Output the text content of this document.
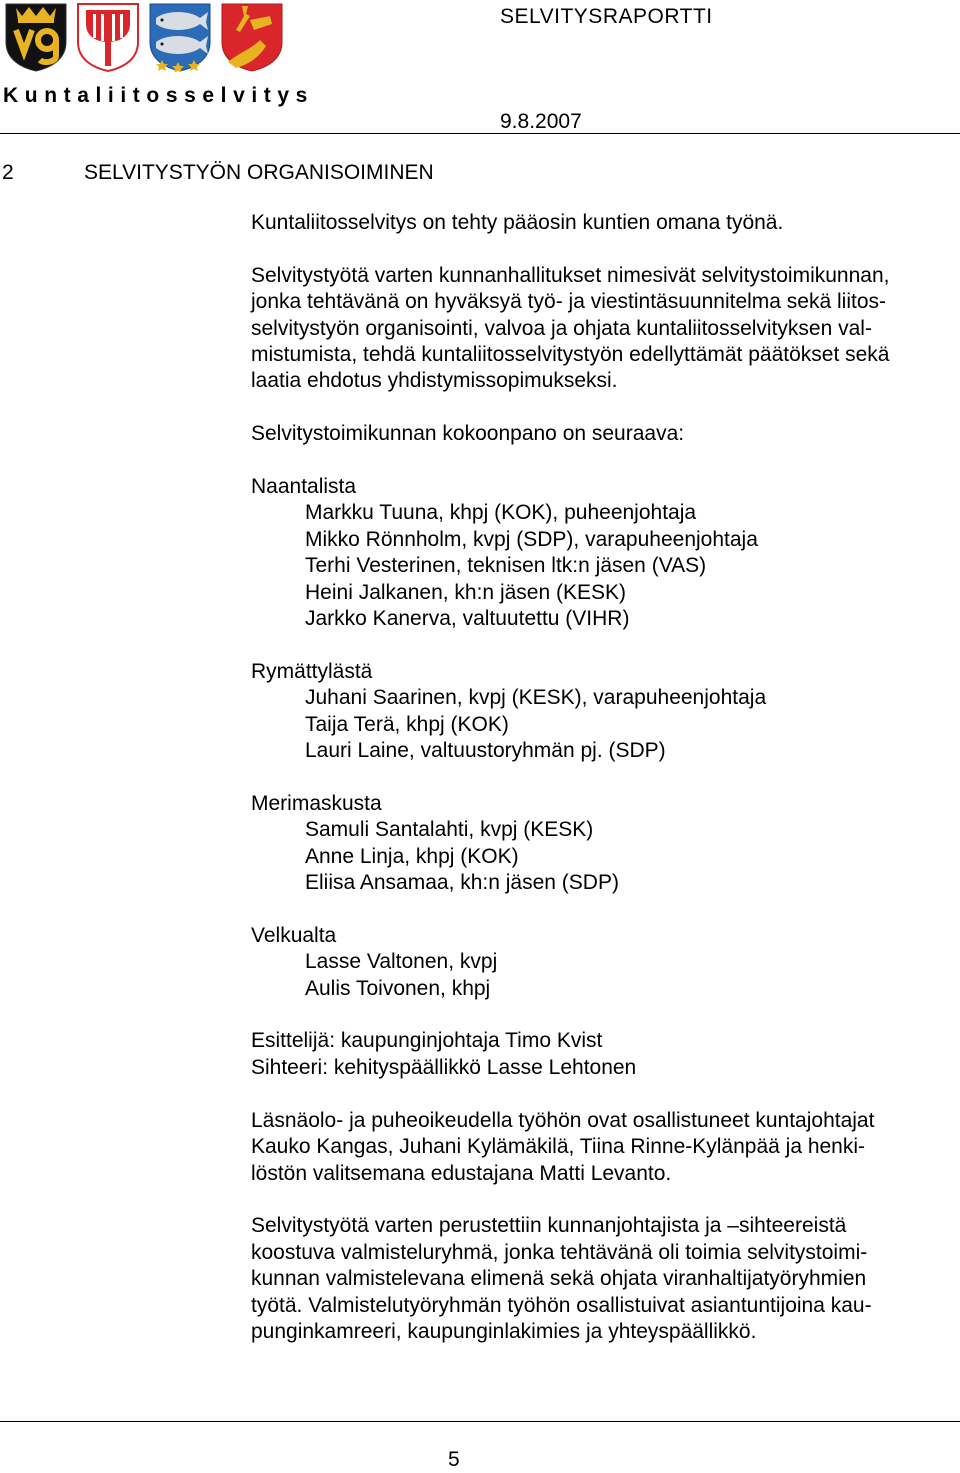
SELVITYSRAPORTTI
Kuntaliitosselvitys
9.8.2007
2	SELVITYSTYÖN ORGANISOIMINEN

Kuntaliitosselvitys on tehty pääosin kuntien omana työnä.

Selvitystyötä varten kunnanhallitukset nimesivät selvitystoimikunnan,
jonka tehtävänä on hyväksyä työ- ja viestintäsuunnitelma sekä liitos-
selvitystyön organisointi, valvoa ja ohjata kuntaliitosselvityksen val-
mistumista, tehdä kuntaliitosselvitystyön edellyttämät päätökset sekä
laatia ehdotus yhdistymissopimukseksi.

Selvitystoimikunnan kokoonpano on seuraava:

Naantalista
Markku Tuuna, khpj (KOK), puheenjohtaja
Mikko Rönnholm, kvpj (SDP), varapuheenjohtaja
Terhi Vesterinen, teknisen ltk:n jäsen (VAS)
Heini Jalkanen, kh:n jäsen (KESK)
Jarkko Kanerva, valtuutettu (VIHR)
Rymättylästä
Juhani Saarinen, kvpj (KESK), varapuheenjohtaja
Taija Terä, khpj (KOK)
Lauri Laine, valtuustoryhmän pj. (SDP)
Merimaskusta
Samuli Santalahti, kvpj (KESK)
Anne Linja, khpj (KOK)
Eliisa Ansamaa, kh:n jäsen (SDP)
Velkualta
Lasse Valtonen, kvpj
Aulis Toivonen, khpj

Esittelijä: kaupunginjohtaja Timo Kvist
Sihteeri: kehityspäällikkö Lasse Lehtonen

Läsnäolo- ja puheoikeudella työhön ovat osallistuneet kuntajohtajat
Kauko Kangas, Juhani Kylämäkilä, Tiina Rinne-Kylänpää ja henki-
löstön valitsemana edustajana Matti Levanto.

Selvitystyötä varten perustettiin kunnanjohtajista ja –sihteereistä
koostuva valmisteluryhmä, jonka tehtävänä oli toimia selvitystoimi-
kunnan valmistelevana elimenä sekä ohjata viranhaltijatyöryhmien
työtä. Valmistelutyöryhmän työhön osallistuivat asiantuntijoina kau-
punginkamreeri, kaupunginlakimies ja yhteyspäällikkö.

5
